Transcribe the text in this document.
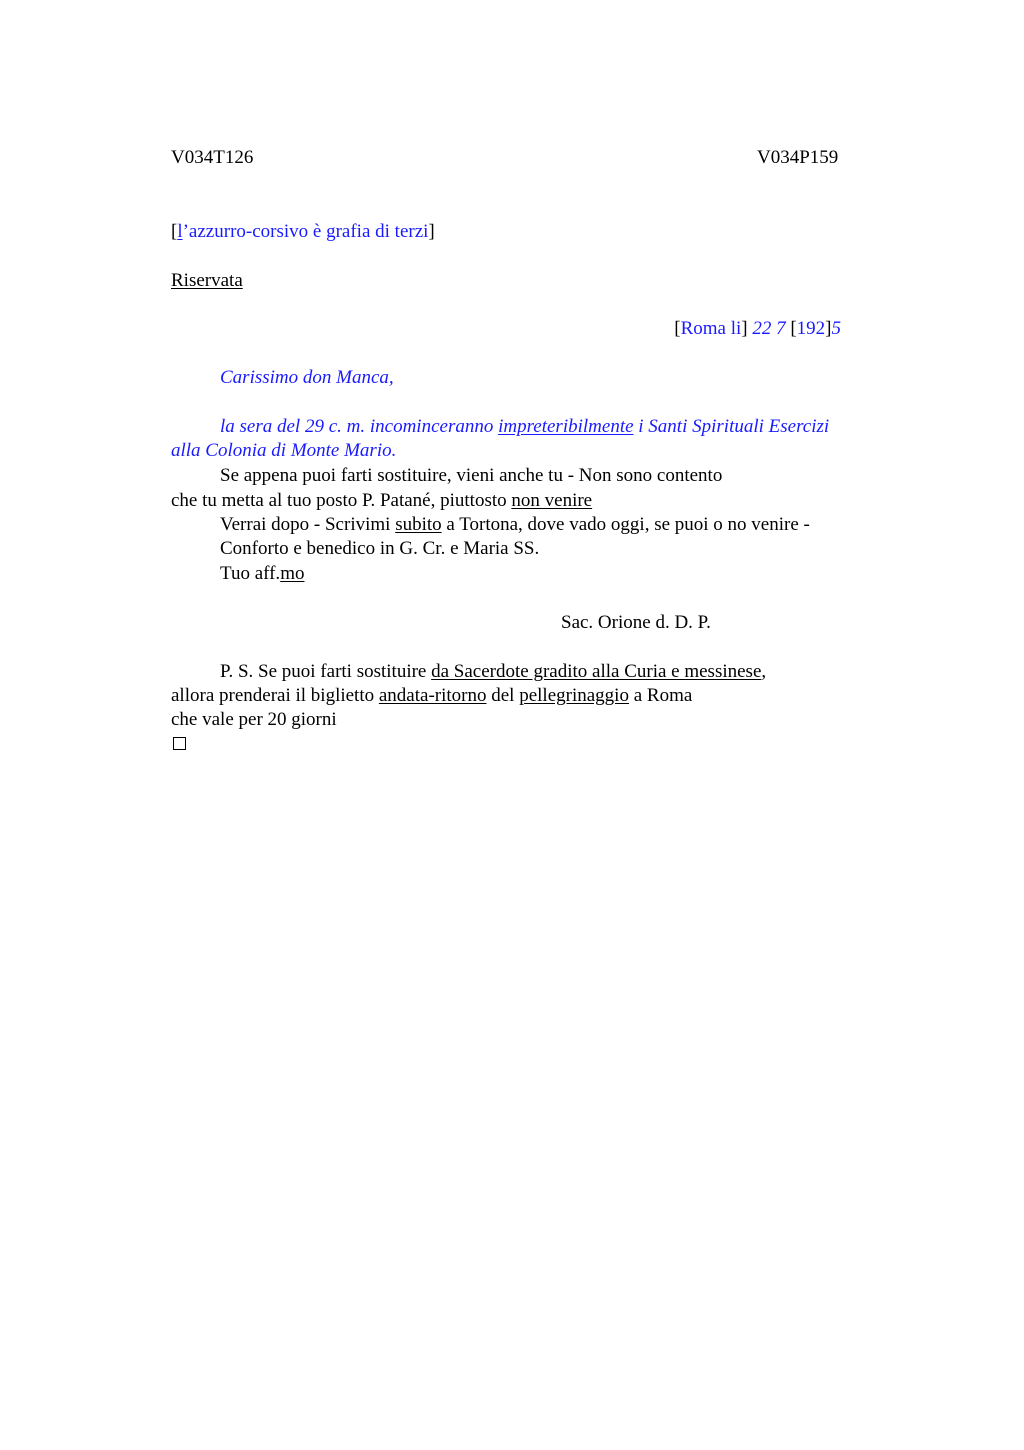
V034T126	V034P159
[l’azzurro-corsivo è grafia di terzi]
Riservata
[Roma li] 22 7 [192]5
Carissimo don Manca,
la sera del 29 c. m. incominceranno impreteribilmente i Santi Spirituali Esercizi
alla Colonia di Monte Mario.
Se appena puoi farti sostituire, vieni anche tu - Non sono contento
che tu metta al tuo posto P. Patané, piuttosto non venire
Verrai dopo - Scrivimi subito a Tortona, dove vado oggi, se puoi o no venire -
Conforto e benedico in G. Cr. e Maria SS.
Tuo aff.mo
Sac. Orione d. D. P.
P. S. Se puoi farti sostituire da Sacerdote gradito alla Curia e messinese,
allora prenderai il biglietto andata-ritorno del pellegrinaggio a Roma
che vale per 20 giorni
